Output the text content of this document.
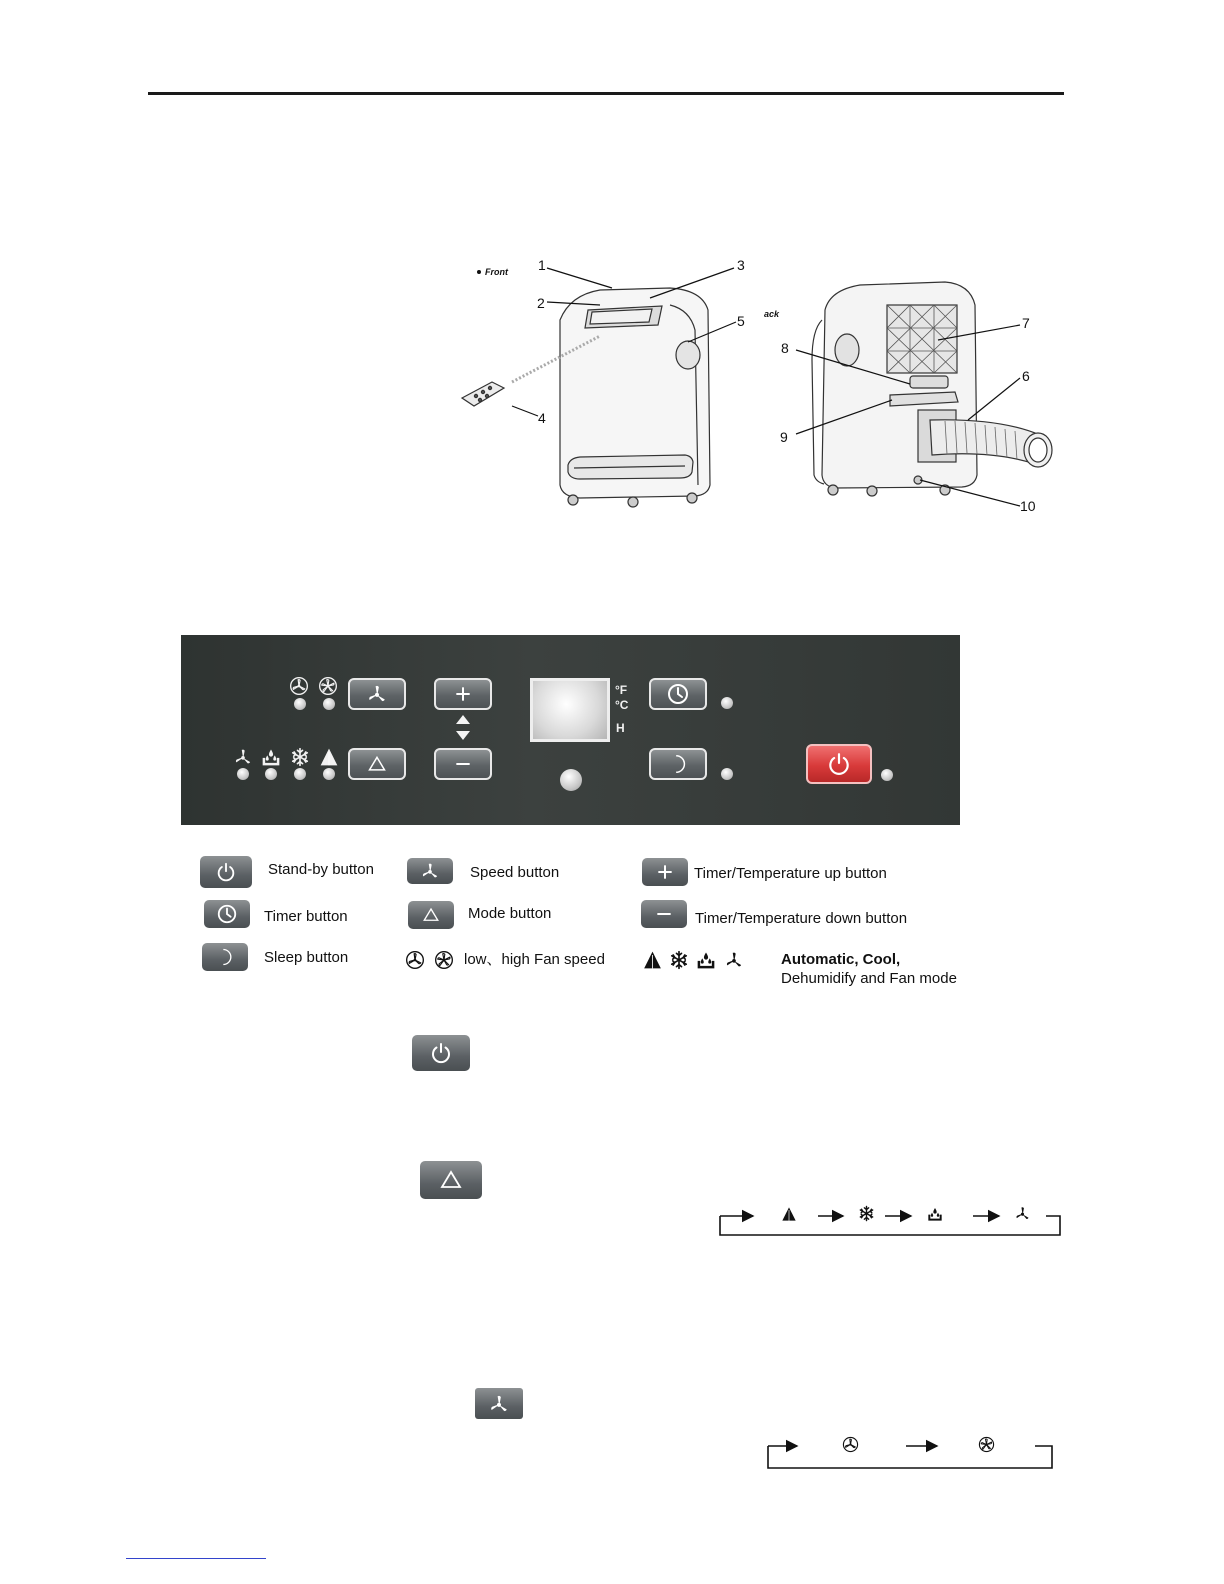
Front
ack
1
2
3
4
5
6
7
8
9
10
°F
°C
H
Stand-by button
Timer button
Sleep button
Speed button
Mode button
low、high Fan speed
Timer/Temperature up button
Timer/Temperature down button
Automatic, Cool,
Dehumidify and Fan mode
